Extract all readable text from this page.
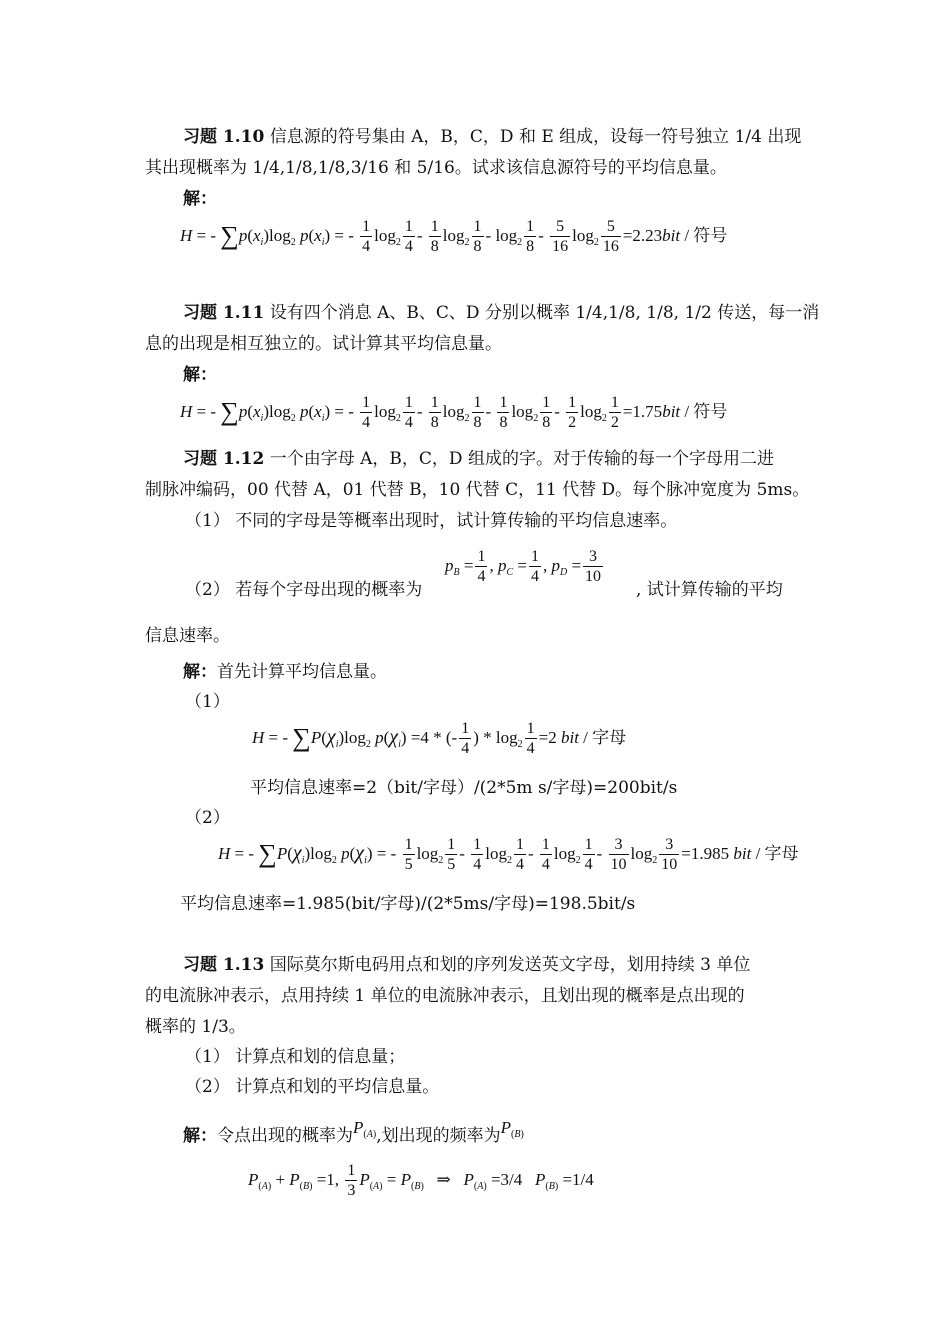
习题 1.10 信息源的符号集由 A，B，C，D 和 E 组成，设每一符号独立 1/4 出现
其出现概率为 1/4,1/8,1/8,3/16 和 5/16。试求该信息源符号的平均信息量。
解：
H = - $\sum p(x_i)\log_2$ $p(x_i)$ = - $\frac{1}{4} \log_2 \frac{1}{4} - \frac{1}{8} \log_2 \frac{1}{8} - \log_2 \frac{1}{8} - \frac{5}{16} \log_2 \frac{5}{16} =2.23bit$ / 符号
习题 1.11 设有四个消息 A、B、C、D 分别以概率 1/4,1/8, 1/8, 1/2 传送，每一消
息的出现是相互独立的。试计算其平均信息量。
解：
H = - $\sum p(x_i)\log_2$ $p(x_i)$ = - $\frac{1}{4} \log_2 \frac{1}{4} - \frac{1}{8} \log_2 \frac{1}{8} - \frac{1}{8} \log_2 \frac{1}{8} - \frac{1}{2} \log_2 \frac{1}{2} =1.75bit$ / 符号
习题 1.12 一个由字母 A，B，C，D 组成的字。对于传输的每一个字母用二进
制脉冲编码，00 代替 A，01 代替 B，10 代替 C，11 代替 D。每个脉冲宽度为 5ms。
（1） 不同的字母是等概率出现时，试计算传输的平均信息速率。
（2） 若每个字母出现的概率为
$p_B = \frac{1}{4}$ , $p_C = \frac{1}{4}$ , $p_D = \frac{3}{10}$
, 试计算传输的平均
信息速率。
解：首先计算平均信息量。
（1）
H = - $\sum P(\chi_i)\log_2$ $p(\chi_i) =4$ * (- $\frac{1}{4}$ ) * $\log_2 \frac{1}{4} =2$ bit / 字母
平均信息速率=2（bit/字母）/(2*5m s/字母)=200bit/s
（2）
H = - $\sum P(\chi_i)\log_2$ $p(\chi_i)$ = - $\frac{1}{5} \log_2 \frac{1}{5} - \frac{1}{4} \log_2 \frac{1}{4} - \frac{1}{4} \log_2 \frac{1}{4} - \frac{3}{10} \log_2 \frac{3}{10} =1.985$ bit / 字母
平均信息速率=1.985(bit/字母)/(2*5ms/字母)=198.5bit/s
习题 1.13 国际莫尔斯电码用点和划的序列发送英文字母，划用持续 3 单位
的电流脉冲表示，点用持续 1 单位的电流脉冲表示，且划出现的概率是点出现的
概率的 1/3。
（1） 计算点和划的信息量；
（2） 计算点和划的平均信息量。
解：令点出现的概率为$P_{(A)}$,划出现的频率为$P_{(B)}$
$P_{(A)} + P_{(B)} =1$, $\frac{1}{3} P_{(A)} = P_{(B)}$ ⇒ $P_{(A)} =3/4$ $P_{(B)} =1/4$
